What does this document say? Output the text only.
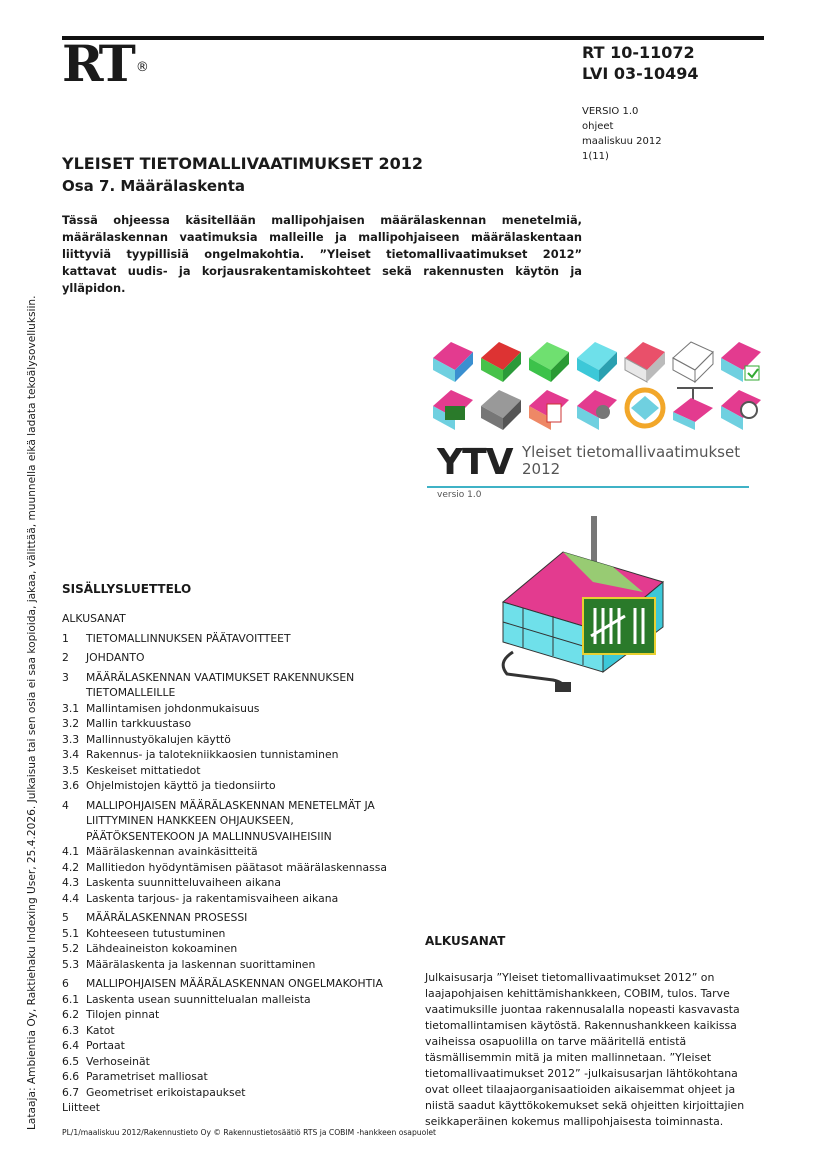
RT ®
RT 10-11072
LVI 03-10494
VERSIO 1.0
ohjeet
maaliskuu 2012
1(11)
YLEISET TIETOMALLIVAATIMUKSET 2012
Osa 7. Määrälaskenta
Tässä ohjeessa käsitellään mallipohjaisen määrälaskennan menetelmiä, määrälaskennan vaatimuksia malleille ja mallipohjaiseen määrälaskentaan liittyviä tyypillisiä ongelmakohtia. ”Yleiset tietomallivaatimukset 2012” kattavat uudis- ja korjausrakentamiskohteet sekä rakennusten käytön ja ylläpidon.
Lataaja: Ambientia Oy, Raktiehaku Indexing User, 25.4.2026. Julkaisua tai sen osia ei saa kopioida, jakaa, välittää, muunnella eikä ladata tekoälysovelluksiin.	YTV Yleiset tietomallivaatimukset
2012
versio 1.0
SISÄLLYSLUETTELO
ALKUSANAT
1	TIETOMALLINNUKSEN PÄÄTAVOITTEET
2	JOHDANTO
3	MÄÄRÄLASKENNAN VAATIMUKSET RAKENNUKSEN TIETOMALLEILLE
3.1 Mallintamisen johdonmukaisuus
3.2 Mallin tarkkuustaso
3.3 Mallinnustyökalujen käyttö
3.4 Rakennus- ja talotekniikkaosien tunnistaminen
3.5 Keskeiset mittatiedot
3.6 Ohjelmistojen käyttö ja tiedonsiirto
4	MALLIPOHJAISEN MÄÄRÄLASKENNAN MENETELMÄT JA LIITTYMINEN HANKKEEN OHJAUKSEEN, PÄÄTÖKSENTEKOON JA MALLINNUSVAIHEISIIN
4.1 Määrälaskennan avainkäsitteitä
4.2 Mallitiedon hyödyntämisen päätasot määrälaskennassa
4.3 Laskenta suunnitteluvaiheen aikana
4.4 Laskenta tarjous- ja rakentamisvaiheen aikana
5	MÄÄRÄLASKENNAN PROSESSI
5.1 Kohteeseen tutustuminen
5.2 Lähdeaineiston kokoaminen
5.3 Määrälaskenta ja laskennan suorittaminen
6	MALLIPOHJAISEN MÄÄRÄLASKENNAN ONGELMAKOHTIA
6.1 Laskenta usean suunnittelualan malleista
6.2 Tilojen pinnat
6.3 Katot
6.4 Portaat
6.5 Verhoseinät
6.6 Parametriset malliosat
6.7 Geometriset erikoistapaukset
Liitteet
ALKUSANAT
Julkaisusarja ”Yleiset tietomallivaatimukset 2012” on laajapohjaisen kehittämishankkeen, COBIM, tulos. Tarve vaatimuksille juontaa rakennusalalla nopeasti kasvavasta tietomallintamisen käytöstä. Rakennushankkeen kaikissa vaiheissa osapuolilla on tarve määritellä entistä täsmällisemmin mitä ja miten mallinnetaan. ”Yleiset tietomallivaatimukset 2012” -julkaisusarjan lähtökohtana ovat olleet tilaajaorganisaatioiden aikaisemmat ohjeet ja niistä saadut käyttökokemukset sekä ohjeitten kirjoittajien seikkaperäinen kokemus mallipohjaisesta toiminnasta.
PL/1/maaliskuu 2012/Rakennustieto Oy © Rakennustietosäätiö RTS ja COBIM -hankkeen osapuolet
